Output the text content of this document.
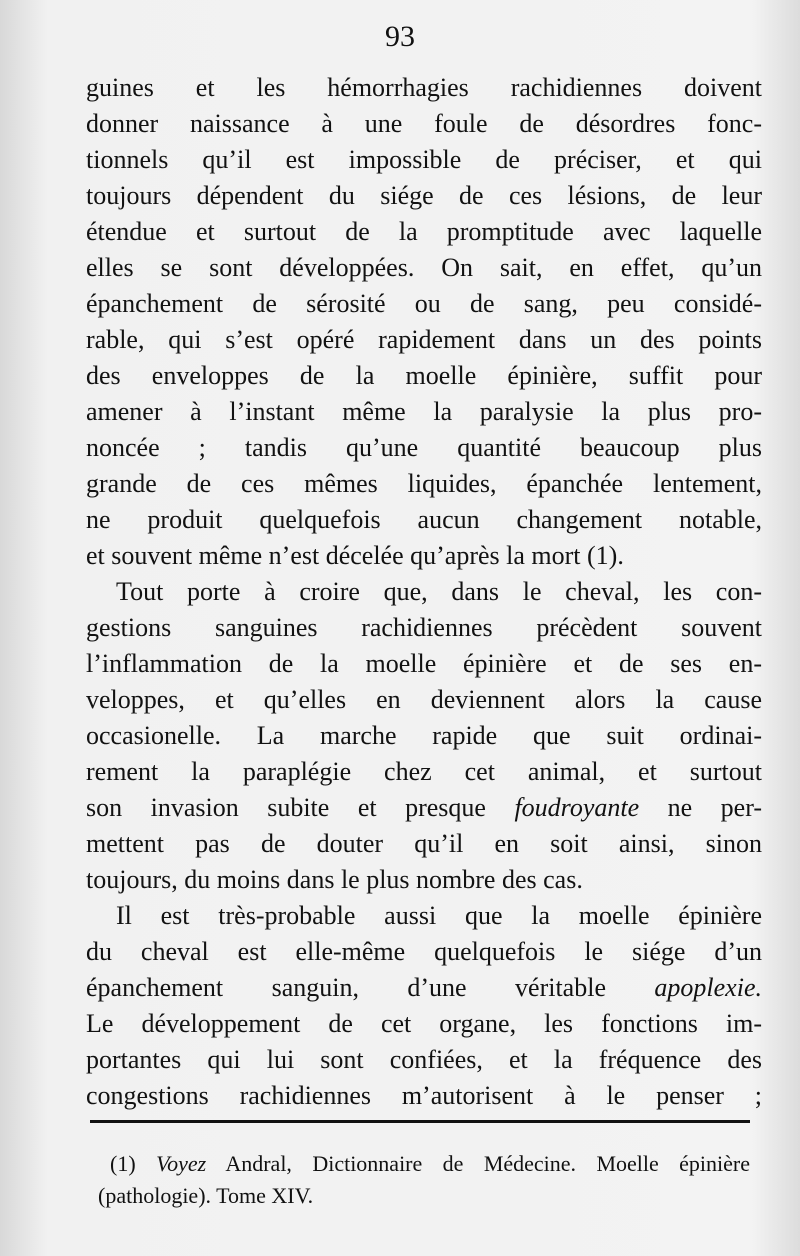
93
guines et les hémorrhagies rachidiennes doivent
donner naissance à une foule de désordres fonc-
tionnels qu’il est impossible de préciser, et qui
toujours dépendent du siége de ces lésions, de leur
étendue et surtout de la promptitude avec laquelle
elles se sont développées. On sait, en effet, qu’un
épanchement de sérosité ou de sang, peu considé-
rable, qui s’est opéré rapidement dans un des points
des enveloppes de la moelle épinière, suffit pour
amener à l’instant même la paralysie la plus pro-
noncée ; tandis qu’une quantité beaucoup plus
grande de ces mêmes liquides, épanchée lentement,
ne produit quelquefois aucun changement notable,
et souvent même n’est décelée qu’après la mort (1).
Tout porte à croire que, dans le cheval, les con-
gestions sanguines rachidiennes précèdent souvent
l’inflammation de la moelle épinière et de ses en-
veloppes, et qu’elles en deviennent alors la cause
occasionelle. La marche rapide que suit ordinai-
rement la paraplégie chez cet animal, et surtout
son invasion subite et presque foudroyante ne per-
mettent pas de douter qu’il en soit ainsi, sinon
toujours, du moins dans le plus nombre des cas.
Il est très-probable aussi que la moelle épinière
du cheval est elle-même quelquefois le siége d’un
épanchement sanguin, d’une véritable apoplexie.
Le développement de cet organe, les fonctions im-
portantes qui lui sont confiées, et la fréquence des
congestions rachidiennes m’autorisent à le penser ;
(1) Voyez Andral, Dictionnaire de Médecine. Moelle épinière
(pathologie). Tome XIV.
